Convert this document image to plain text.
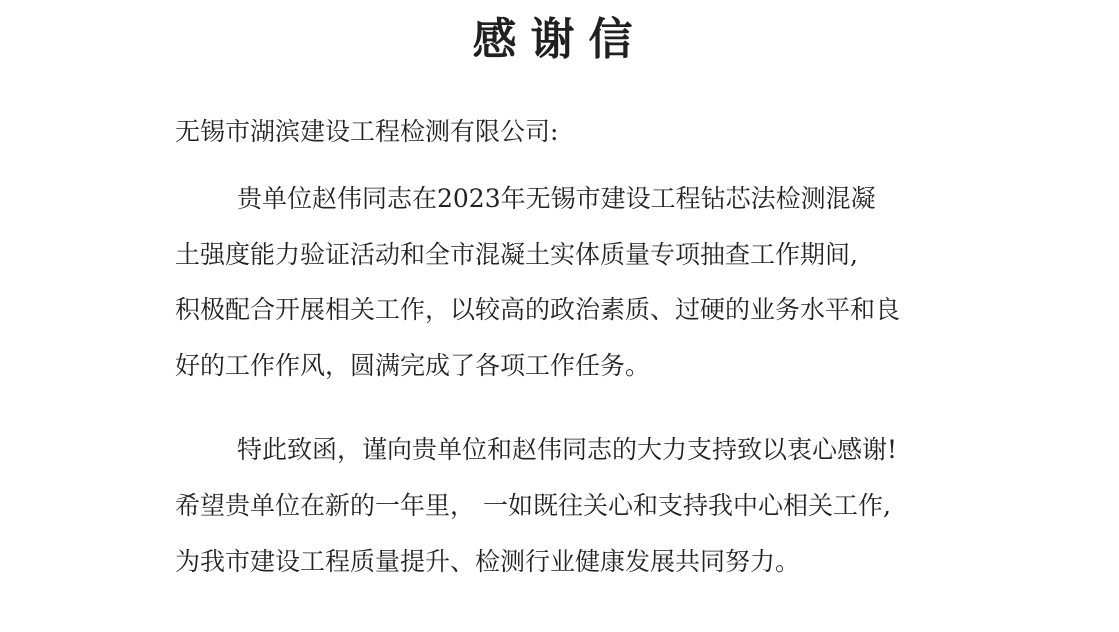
感谢信
无锡市湖滨建设工程检测有限公司:
贵单位赵伟同志在2023年无锡市建设工程钻芯法检测混凝
土强度能力验证活动和全市混凝土实体质量专项抽查工作期间,
积极配合开展相关工作，以较高的政治素质、过硬的业务水平和良
好的工作作风，圆满完成了各项工作任务。
特此致函，谨向贵单位和赵伟同志的大力支持致以衷心感谢!
希望贵单位在新的一年里， 一如既往关心和支持我中心相关工作,
为我市建设工程质量提升、检测行业健康发展共同努力。
